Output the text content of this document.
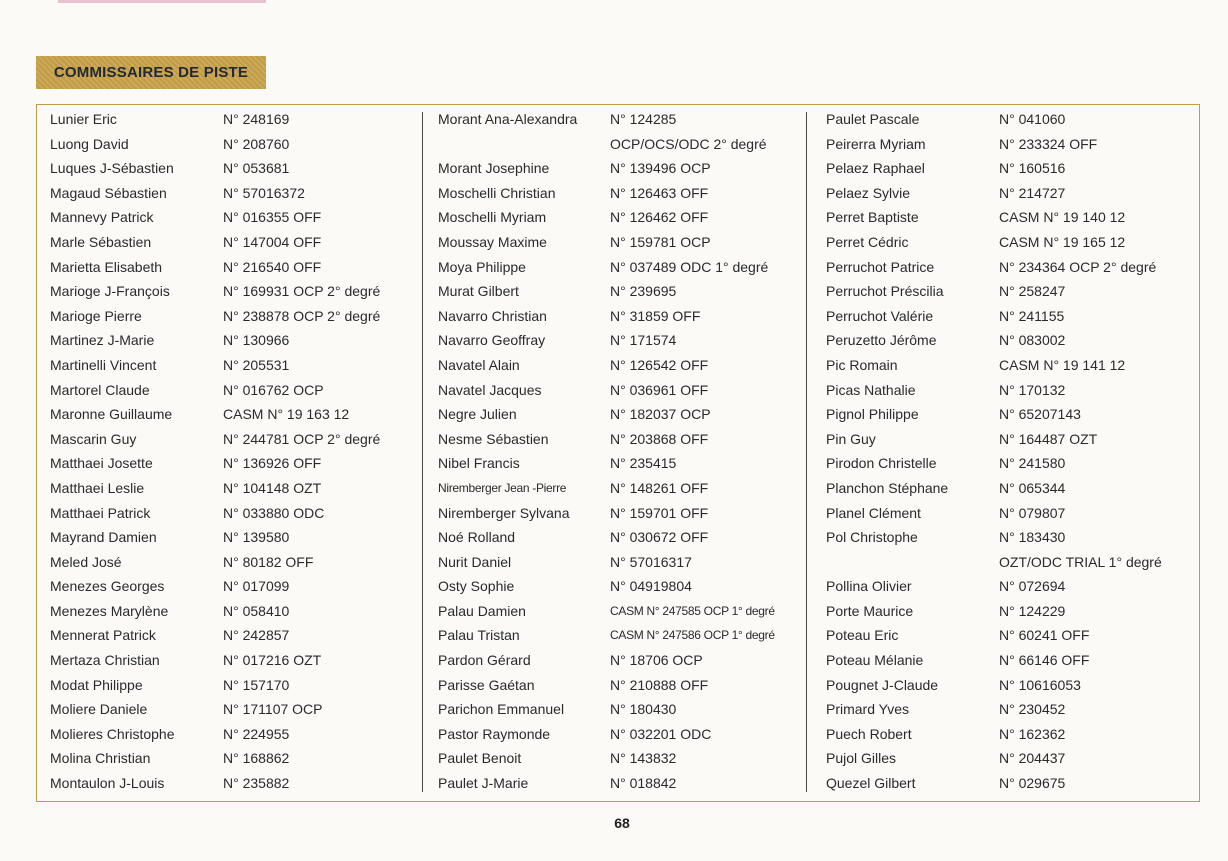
COMMISSAIRES DE PISTE
Lunier Eric	N° 248169
Luong David	N° 208760
Luques J-Sébastien	N° 053681
Magaud Sébastien	N° 57016372
Mannevy Patrick	N° 016355 OFF
Marle Sébastien	N° 147004 OFF
Marietta Elisabeth	N° 216540 OFF
Marioge J-François	N° 169931 OCP 2° degré
Marioge Pierre	N° 238878 OCP 2° degré
Martinez J-Marie	N° 130966
Martinelli Vincent	N° 205531
Martorel Claude	N° 016762 OCP
Maronne Guillaume	CASM N° 19 163 12
Mascarin Guy	N° 244781 OCP 2° degré
Matthaei Josette	N° 136926 OFF
Matthaei Leslie	N° 104148 OZT
Matthaei Patrick	N° 033880 ODC
Mayrand Damien	N° 139580
Meled José	N° 80182 OFF
Menezes Georges	N° 017099
Menezes Marylène	N° 058410
Mennerat Patrick	N° 242857
Mertaza Christian	N° 017216 OZT
Modat Philippe	N° 157170
Moliere Daniele	N° 171107 OCP
Molieres Christophe	N° 224955
Molina Christian	N° 168862
Montaulon J-Louis	N° 235882
Morant Ana-Alexandra N° 124285
OCP/OCS/ODC 2° degré
Morant Josephine	N° 139496 OCP
Moschelli Christian	N° 126463 OFF
Moschelli Myriam	N° 126462 OFF
Moussay Maxime	N° 159781 OCP
Moya Philippe	N° 037489 ODC 1° degré
Murat Gilbert	N° 239695
Navarro Christian	N° 31859 OFF
Navarro Geoffray	N° 171574
Navatel Alain	N° 126542 OFF
Navatel Jacques	N° 036961 OFF
Negre Julien	N° 182037 OCP
Nesme Sébastien	N° 203868 OFF
Nibel Francis	N° 235415
Niremberger Jean -Pierre	N° 148261 OFF
Niremberger Sylvana	N° 159701 OFF
Noé Rolland	N° 030672 OFF
Nurit Daniel	N° 57016317
Osty Sophie	N° 04919804
Palau Damien	CASM N° 247585 OCP 1° degré
Palau Tristan	CASM N° 247586 OCP 1° degré
Pardon Gérard	N° 18706 OCP
Parisse Gaétan	N° 210888 OFF
Parichon Emmanuel	N° 180430
Pastor Raymonde	N° 032201 ODC
Paulet Benoit	N° 143832
Paulet J-Marie	N° 018842
Paulet Pascale	N° 041060
Peirerra Myriam	N° 233324 OFF
Pelaez Raphael	N° 160516
Pelaez Sylvie	N° 214727
Perret Baptiste	CASM N° 19 140 12
Perret Cédric	CASM N° 19 165 12
Perruchot Patrice	N° 234364 OCP 2° degré
Perruchot Préscilia	N° 258247
Perruchot Valérie	N° 241155
Peruzetto Jérôme	N° 083002
Pic Romain	CASM N° 19 141 12
Picas Nathalie	N° 170132
Pignol Philippe	N° 65207143
Pin Guy	N° 164487 OZT
Pirodon Christelle	N° 241580
Planchon Stéphane	N° 065344
Planel Clément	N° 079807
Pol Christophe	N° 183430
OZT/ODC TRIAL 1° degré
Pollina Olivier	N° 072694
Porte Maurice	N° 124229
Poteau Eric	N° 60241 OFF
Poteau Mélanie	N° 66146 OFF
Pougnet J-Claude	N° 10616053
Primard Yves	N° 230452
Puech Robert	N° 162362
Pujol Gilles	N° 204437
Quezel Gilbert	N° 029675
68
